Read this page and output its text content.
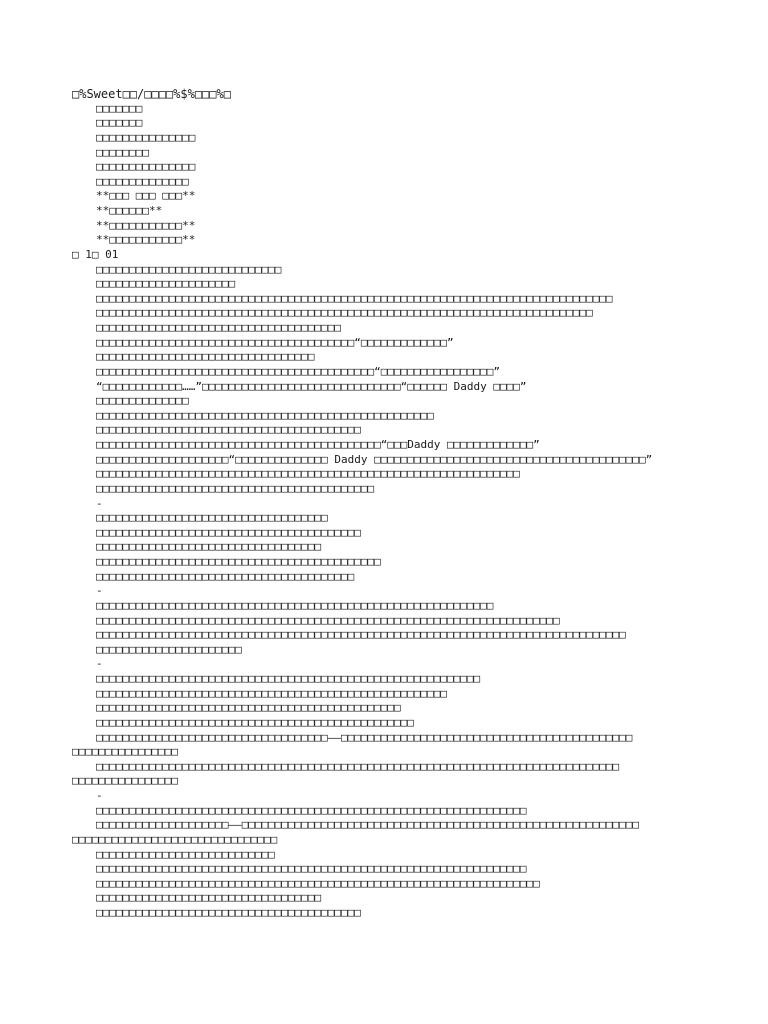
□%Sweet□□/□□□□%$%□□□%□
□□□□□□□
□□□□□□□
□□□□□□□□□□□□□□□
□□□□□□□□
□□□□□□□□□□□□□□□
□□□□□□□□□□□□□□
**□□□ □□□ □□□**
**□□□□□□**
**□□□□□□□□□□□**
**□□□□□□□□□□□**
□ 1□ 01
□□□□□□□□□□□□□□□□□□□□□□□□□□□□
□□□□□□□□□□□□□□□□□□□□□
□□□□□□□□□□□□□□□□□□□□□□□□□□□□□□□□□□□□□□□□□□□□□□□□□□□□□□□□□□□□□□□□□□□□□□□□□□□□□□
□□□□□□□□□□□□□□□□□□□□□□□□□□□□□□□□□□□□□□□□□□□□□□□□□□□□□□□□□□□□□□□□□□□□□□□□□□□
□□□□□□□□□□□□□□□□□□□□□□□□□□□□□□□□□□□□□
□□□□□□□□□□□□□□□□□□□□□□□□□□□□□□□□□□□□□□□“□□□□□□□□□□□□□”
□□□□□□□□□□□□□□□□□□□□□□□□□□□□□□□□□
□□□□□□□□□□□□□□□□□□□□□□□□□□□□□□□□□□□□□□□□□□“□□□□□□□□□□□□□□□□□”
“□□□□□□□□□□□□……”□□□□□□□□□□□□□□□□□□□□□□□□□□□□□□“□□□□□□ Daddy □□□□”
□□□□□□□□□□□□□□
□□□□□□□□□□□□□□□□□□□□□□□□□□□□□□□□□□□□□□□□□□□□□□□□□□□
□□□□□□□□□□□□□□□□□□□□□□□□□□□□□□□□□□□□□□□□
□□□□□□□□□□□□□□□□□□□□□□□□□□□□□□□□□□□□□□□□□□□“□□□Daddy □□□□□□□□□□□□□”
□□□□□□□□□□□□□□□□□□□□“□□□□□□□□□□□□□□ Daddy □□□□□□□□□□□□□□□□□□□□□□□□□□□□□□□□□□□□□□□□□”
□□□□□□□□□□□□□□□□□□□□□□□□□□□□□□□□□□□□□□□□□□□□□□□□□□□□□□□□□□□□□□□□
□□□□□□□□□□□□□□□□□□□□□□□□□□□□□□□□□□□□□□□□□□
-
□□□□□□□□□□□□□□□□□□□□□□□□□□□□□□□□□□□
□□□□□□□□□□□□□□□□□□□□□□□□□□□□□□□□□□□□□□□□
□□□□□□□□□□□□□□□□□□□□□□□□□□□□□□□□□□
□□□□□□□□□□□□□□□□□□□□□□□□□□□□□□□□□□□□□□□□□□□
□□□□□□□□□□□□□□□□□□□□□□□□□□□□□□□□□□□□□□□
-
□□□□□□□□□□□□□□□□□□□□□□□□□□□□□□□□□□□□□□□□□□□□□□□□□□□□□□□□□□□□
□□□□□□□□□□□□□□□□□□□□□□□□□□□□□□□□□□□□□□□□□□□□□□□□□□□□□□□□□□□□□□□□□□□□□□
□□□□□□□□□□□□□□□□□□□□□□□□□□□□□□□□□□□□□□□□□□□□□□□□□□□□□□□□□□□□□□□□□□□□□□□□□□□□□□□□
□□□□□□□□□□□□□□□□□□□□□□
-
□□□□□□□□□□□□□□□□□□□□□□□□□□□□□□□□□□□□□□□□□□□□□□□□□□□□□□□□□□
□□□□□□□□□□□□□□□□□□□□□□□□□□□□□□□□□□□□□□□□□□□□□□□□□□□□□
□□□□□□□□□□□□□□□□□□□□□□□□□□□□□□□□□□□□□□□□□□□□□□
□□□□□□□□□□□□□□□□□□□□□□□□□□□□□□□□□□□□□□□□□□□□□□□□
□□□□□□□□□□□□□□□□□□□□□□□□□□□□□□□□□□□——□□□□□□□□□□□□□□□□□□□□□□□□□□□□□□□□□□□□□□□□□□□□
□□□□□□□□□□□□□□□□
□□□□□□□□□□□□□□□□□□□□□□□□□□□□□□□□□□□□□□□□□□□□□□□□□□□□□□□□□□□□□□□□□□□□□□□□□□□□□□□
□□□□□□□□□□□□□□□□
-
□□□□□□□□□□□□□□□□□□□□□□□□□□□□□□□□□□□□□□□□□□□□□□□□□□□□□□□□□□□□□□□□□
□□□□□□□□□□□□□□□□□□□□——□□□□□□□□□□□□□□□□□□□□□□□□□□□□□□□□□□□□□□□□□□□□□□□□□□□□□□□□□□□□
□□□□□□□□□□□□□□□□□□□□□□□□□□□□□□□
□□□□□□□□□□□□□□□□□□□□□□□□□□□
□□□□□□□□□□□□□□□□□□□□□□□□□□□□□□□□□□□□□□□□□□□□□□□□□□□□□□□□□□□□□□□□□
□□□□□□□□□□□□□□□□□□□□□□□□□□□□□□□□□□□□□□□□□□□□□□□□□□□□□□□□□□□□□□□□□□□
□□□□□□□□□□□□□□□□□□□□□□□□□□□□□□□□□□
□□□□□□□□□□□□□□□□□□□□□□□□□□□□□□□□□□□□□□□□
